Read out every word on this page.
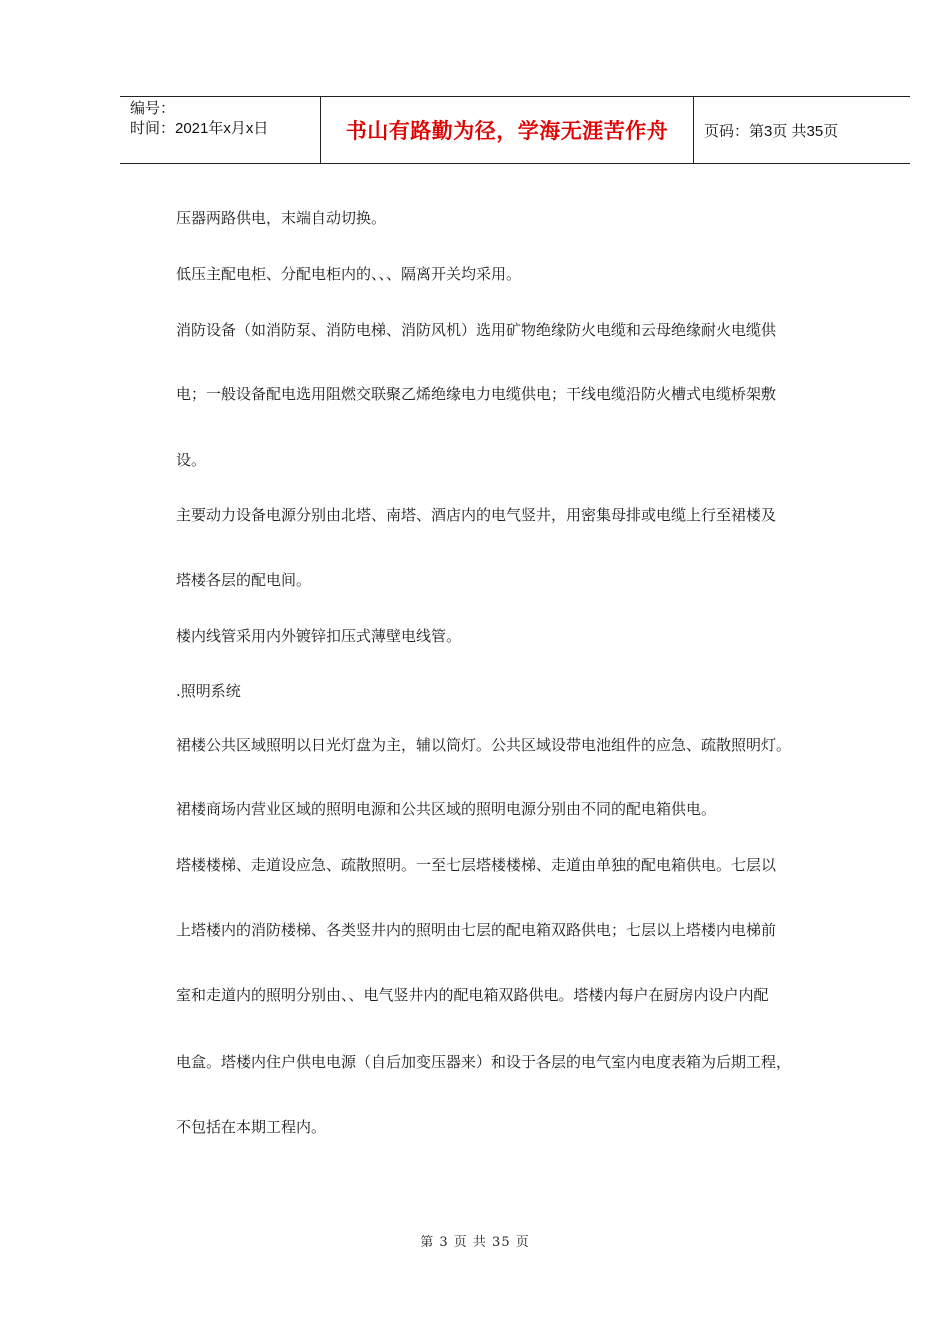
编号：
时间：2021年x月x日	书山有路勤为径，学海无涯苦作舟 页码：第3页 共35页
压器两路供电，末端自动切换。
低压主配电柜、分配电柜内的、、、隔离开关均采用。
消防设备（如消防泵、消防电梯、消防风机）选用矿物绝缘防火电缆和云母绝缘耐火电缆供
电；一般设备配电选用阻燃交联聚乙烯绝缘电力电缆供电；干线电缆沿防火槽式电缆桥架敷
设。
主要动力设备电源分别由北塔、南塔、酒店内的电气竖井，用密集母排或电缆上行至裙楼及
塔楼各层的配电间。
楼内线管采用内外镀锌扣压式薄壁电线管。
.照明系统
裙楼公共区域照明以日光灯盘为主，辅以筒灯。公共区域设带电池组件的应急、疏散照明灯。
裙楼商场内营业区域的照明电源和公共区域的照明电源分别由不同的配电箱供电。
塔楼楼梯、走道设应急、疏散照明。一至七层塔楼楼梯、走道由单独的配电箱供电。七层以
上塔楼内的消防楼梯、各类竖井内的照明由七层的配电箱双路供电；七层以上塔楼内电梯前
室和走道内的照明分别由、、电气竖井内的配电箱双路供电。塔楼内每户在厨房内设户内配
电盒。塔楼内住户供电电源（自后加变压器来）和设于各层的电气室内电度表箱为后期工程，
不包括在本期工程内。
第 3 页 共 35 页
